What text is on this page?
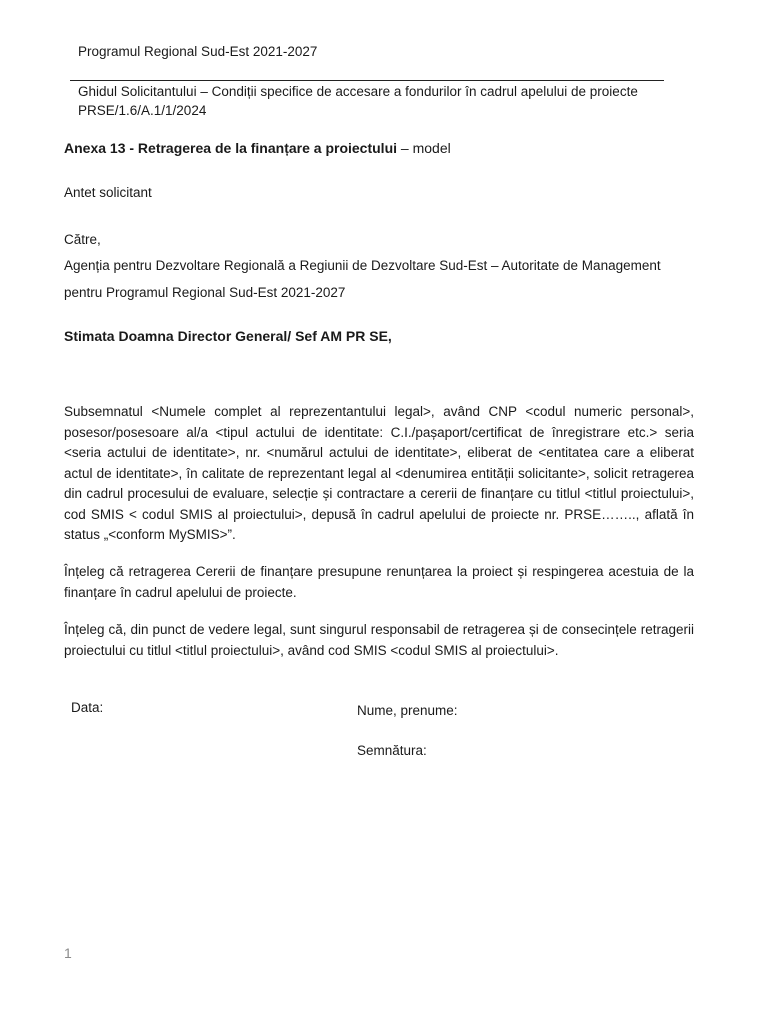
Programul Regional Sud-Est 2021-2027

Ghidul Solicitantului – Condiții specifice de accesare a fondurilor în cadrul apelului de proiecte PRSE/1.6/A.1/1/2024

Anexa 13 - Retragerea de la finanțare a proiectului – model

Antet solicitant

Către,

Agenția pentru Dezvoltare Regională a Regiunii de Dezvoltare Sud-Est – Autoritate de Management

pentru Programul Regional Sud-Est 2021-2027

Stimata Doamna Director General/ Sef AM PR SE,

Subsemnatul <Numele complet al reprezentantului legal>, având CNP <codul numeric personal>, posesor/posesoare al/a <tipul actului de identitate: C.I./pașaport/certificat de înregistrare etc.> seria <seria actului de identitate>, nr. <numărul actului de identitate>, eliberat de <entitatea care a eliberat actul de identitate>, în calitate de reprezentant legal al <denumirea entității solicitante>, solicit retragerea din cadrul procesului de evaluare, selecție și contractare a cererii de finanțare cu titlul <titlul proiectului>, cod SMIS < codul SMIS al proiectului>, depusă în cadrul apelului de proiecte nr. PRSE…….., aflată în status „<conform MySMIS>”.

Înțeleg că retragerea Cererii de finanțare presupune renunțarea la proiect și respingerea acestuia de la finanțare în cadrul apelului de proiecte.

Înțeleg că, din punct de vedere legal, sunt singurul responsabil de retragerea și de consecințele retragerii proiectului cu titlul <titlul proiectului>, având cod SMIS <codul SMIS al proiectului>.

Data:	Nume, prenume:

Semnătura:

1
